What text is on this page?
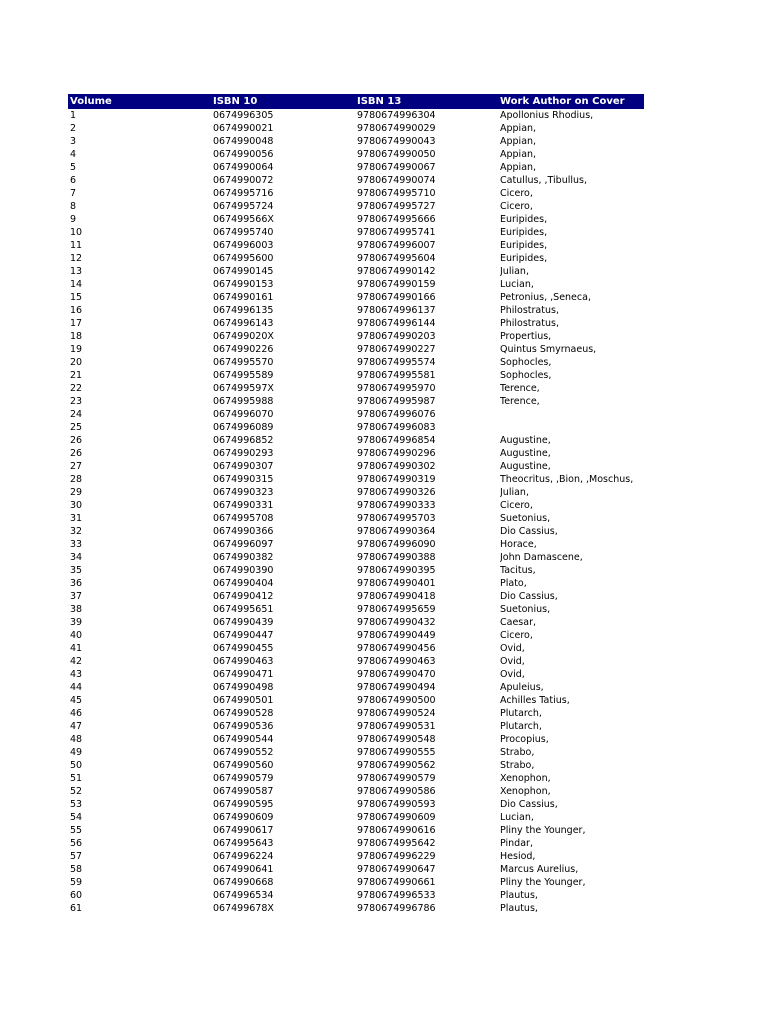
Volume	ISBN 10	ISBN 13	Work Author on Cover
1	0674996305	9780674996304	Apollonius Rhodius,
2	0674990021	9780674990029	Appian,
3	0674990048	9780674990043	Appian,
4	0674990056	9780674990050	Appian,
5	0674990064	9780674990067	Appian,
6	0674990072	9780674990074	Catullus, ,Tibullus,
7	0674995716	9780674995710	Cicero,
8	0674995724	9780674995727	Cicero,
9	067499566X	9780674995666	Euripides,
10	0674995740	9780674995741	Euripides,
11	0674996003	9780674996007	Euripides,
12	0674995600	9780674995604	Euripides,
13	0674990145	9780674990142	Julian,
14	0674990153	9780674990159	Lucian,
15	0674990161	9780674990166	Petronius, ,Seneca,
16	0674996135	9780674996137	Philostratus,
17	0674996143	9780674996144	Philostratus,
18	067499020X	9780674990203	Propertius,
19	0674990226	9780674990227	Quintus Smyrnaeus,
20	0674995570	9780674995574	Sophocles,
21	0674995589	9780674995581	Sophocles,
22	067499597X	9780674995970	Terence,
23	0674995988	9780674995987	Terence,
24	0674996070	9780674996076
25	0674996089	9780674996083
26	0674996852	9780674996854	Augustine,
26	0674990293	9780674990296	Augustine,
27	0674990307	9780674990302	Augustine,
28	0674990315	9780674990319	Theocritus, ,Bion, ,Moschus,
29	0674990323	9780674990326	Julian,
30	0674990331	9780674990333	Cicero,
31	0674995708	9780674995703	Suetonius,
32	0674990366	9780674990364	Dio Cassius,
33	0674996097	9780674996090	Horace,
34	0674990382	9780674990388	John Damascene,
35	0674990390	9780674990395	Tacitus,
36	0674990404	9780674990401	Plato,
37	0674990412	9780674990418	Dio Cassius,
38	0674995651	9780674995659	Suetonius,
39	0674990439	9780674990432	Caesar,
40	0674990447	9780674990449	Cicero,
41	0674990455	9780674990456	Ovid,
42	0674990463	9780674990463	Ovid,
43	0674990471	9780674990470	Ovid,
44	0674990498	9780674990494	Apuleius,
45	0674990501	9780674990500	Achilles Tatius,
46	0674990528	9780674990524	Plutarch,
47	0674990536	9780674990531	Plutarch,
48	0674990544	9780674990548	Procopius,
49	0674990552	9780674990555	Strabo,
50	0674990560	9780674990562	Strabo,
51	0674990579	9780674990579	Xenophon,
52	0674990587	9780674990586	Xenophon,
53	0674990595	9780674990593	Dio Cassius,
54	0674990609	9780674990609	Lucian,
55	0674990617	9780674990616	Pliny the Younger,
56	0674995643	9780674995642	Pindar,
57	0674996224	9780674996229	Hesiod,
58	0674990641	9780674990647	Marcus Aurelius,
59	0674990668	9780674990661	Pliny the Younger,
60	0674996534	9780674996533	Plautus,
61	067499678X	9780674996786	Plautus,
